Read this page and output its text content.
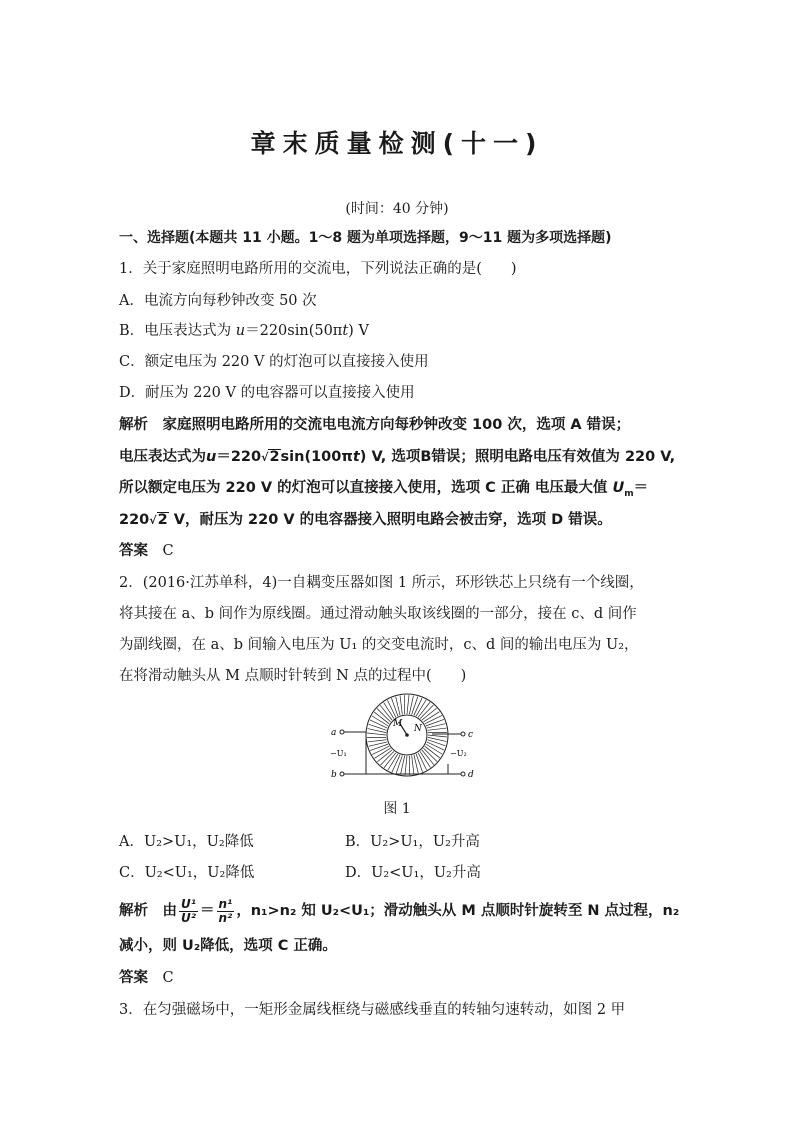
章末质量检测(十一)
(时间：40 分钟)
一、选择题(本题共 11 小题。1～8 题为单项选择题，9～11 题为多项选择题)
1．关于家庭照明电路所用的交流电，下列说法正确的是(　　)
A．电流方向每秒钟改变 50 次
B．电压表达式为 u＝220sin(50πt) V
C．额定电压为 220 V 的灯泡可以直接接入使用
D．耐压为 220 V 的电容器可以直接接入使用
解析　 家庭照明电路所用的交流电电流方向每秒钟改变 100 次，选项 A 错误；
电压表达式为u＝220√2sin(100πt) V, 选项B错误；照明电路电压有效值为 220 V,
所以额定电压为 220 V 的灯泡可以直接接入使用，选项 C 正确 电压最大值 $U_m=$
220√2 V，耐压为 220 V 的电容器接入照明电路会被击穿，选项 D 错误。
答案　 C
2．(2016·江苏单科，4)一自耦变压器如图 1 所示，环形铁芯上只绕有一个线圈，
将其接在 a、b 间作为原线圈。通过滑动触头取该线圈的一部分，接在 c、d 间作
为副线圈，在 a、b 间输入电压为 U₁ 的交变电流时，c、d 间的输出电压为 U₂，
在将滑动触头从 M 点顺时针转到 N 点的过程中(　　)
M N
a
b
−U₁
c
d
−U₂
图 1
A．U₂>U₁，U₂降低	B．U₂>U₁，U₂升高
C．U₂<U₁，U₂降低	D．U₂<U₁，U₂升高
解析　 由 $\frac{\text{U¹}}{\text{U²}} = \frac{\text{n¹}}{\text{n²}}$ ，n₁>n₂ 知 U₂<U₁；滑动触头从 M 点顺时针旋转至 N 点过程，n₂
减小，则 U₂降低，选项 C 正确。
答案　 C
3．在匀强磁场中，一矩形金属线框绕与磁感线垂直的转轴匀速转动，如图 2 甲
